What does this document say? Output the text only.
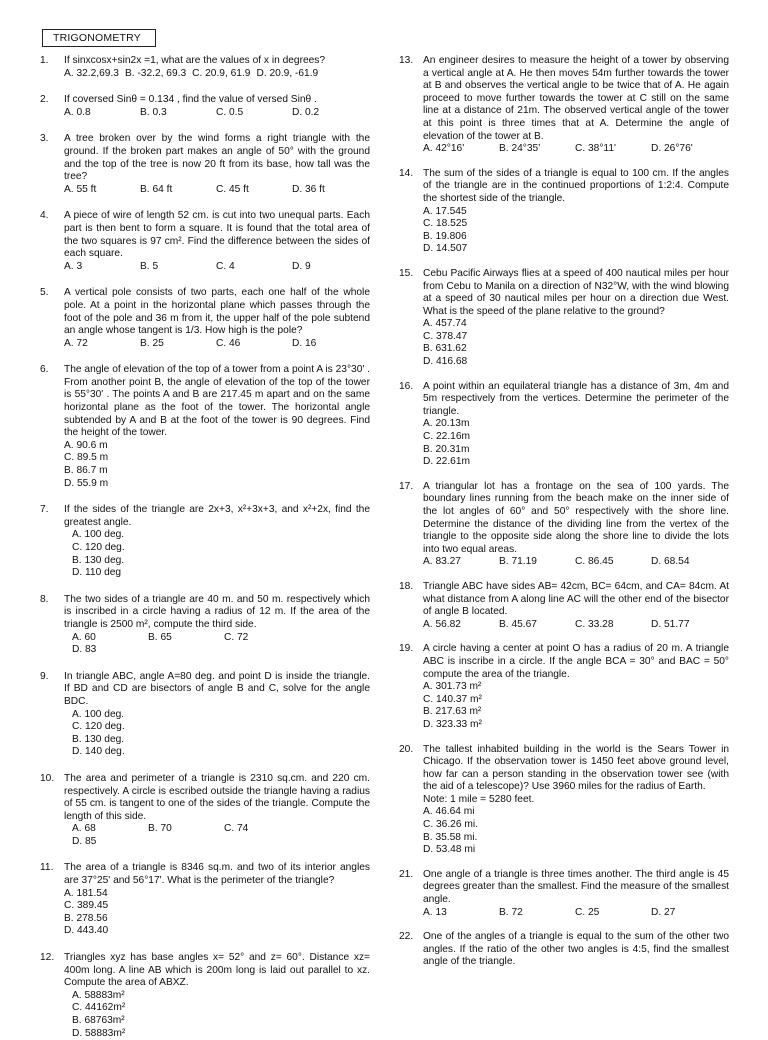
TRIGONOMETRY
1. If sinxcosx+sin2x =1, what are the values of x in degrees?
A. 32.2,69.3 B. -32.2, 69.3 C. 20.9, 61.9 D. 20.9, -61.9
2. If coversed Sinθ = 0.134 , find the value of versed Sinθ .
A. 0.8	B. 0.3	C. 0.5	D. 0.2
3. A tree broken over by the wind forms a right triangle with the ground. If the broken part makes an angle of 50° with the ground and the top of the tree is now 20 ft from its base, how tall was the tree?
A. 55 ft	B. 64 ft	C. 45 ft	D. 36 ft
4. A piece of wire of length 52 cm. is cut into two unequal parts. Each part is then bent to form a square. It is found that the total area of the two squares is 97 cm². Find the difference between the sides of each square.
A. 3	B. 5	C. 4	D. 9
5. A vertical pole consists of two parts, each one half of the whole pole. At a point in the horizontal plane which passes through the foot of the pole and 36 m from it, the upper half of the pole subtend an angle whose tangent is 1/3. How high is the pole?
A. 72	B. 25	C. 46	D. 16
6. The angle of elevation of the top of a tower from a point A is 23°30' . From another point B, the angle of elevation of the top of the tower is 55°30' . The points A and B are 217.45 m apart and on the same horizontal plane as the foot of the tower. The horizontal angle subtended by A and B at the foot of the tower is 90 degrees. Find the height of the tower.
A. 90.6 m
C. 89.5 m
B. 86.7 m
D. 55.9 m
7. If the sides of the triangle are 2x+3, x²+3x+3, and x²+2x, find the greatest angle.
A. 100 deg.
C. 120 deg.
B. 130 deg.
D. 110 deg
8. The two sides of a triangle are 40 m. and 50 m. respectively which is inscribed in a circle having a radius of 12 m. If the area of the triangle is 2500 m², compute the third side.
A. 60	B. 65	C. 72
D. 83
9. In triangle ABC, angle A=80 deg. and point D is inside the triangle. If BD and CD are bisectors of angle B and C, solve for the angle BDC.
A. 100 deg.
C. 120 deg.
B. 130 deg.
D. 140 deg.
10. The area and perimeter of a triangle is 2310 sq.cm. and 220 cm. respectively. A circle is escribed outside the triangle having a radius of 55 cm. is tangent to one of the sides of the triangle. Compute the length of this side.
A. 68	B. 70	C. 74
D. 85
11. The area of a triangle is 8346 sq.m. and two of its interior angles are 37°25' and 56°17'. What is the perimeter of the triangle?
A. 181.54
C. 389.45
B. 278.56
D. 443.40
12. Triangles xyz has base angles x= 52° and z= 60°. Distance xz= 400m long. A line AB which is 200m long is laid out parallel to xz. Compute the area of ABXZ.
A. 58883m²
C. 44162m²
B. 68763m²
D. 58883m²
13. An engineer desires to measure the height of a tower by observing a vertical angle at A. He then moves 54m further towards the tower at B and observes the vertical angle to be twice that of A. He again proceed to move further towards the tower at C still on the same line at a distance of 21m. The observed vertical angle of the tower at this point is three times that at A. Determine the angle of elevation of the tower at B.
A. 42°16'	B. 24°35'	C. 38°11'	D. 26°76'
14. The sum of the sides of a triangle is equal to 100 cm. If the angles of the triangle are in the continued proportions of 1:2:4. Compute the shortest side of the triangle.
A. 17.545
C. 18.525
B. 19.806
D. 14.507
15. Cebu Pacific Airways flies at a speed of 400 nautical miles per hour from Cebu to Manila on a direction of N32°W, with the wind blowing at a speed of 30 nautical miles per hour on a direction due West. What is the speed of the plane relative to the ground?
A. 457.74
C. 378.47
B. 631.62
D. 416.68
16. A point within an equilateral triangle has a distance of 3m, 4m and 5m respectively from the vertices. Determine the perimeter of the triangle.
A. 20.13m
C. 22.16m
B. 20.31m
D. 22.61m
17. A triangular lot has a frontage on the sea of 100 yards. The boundary lines running from the beach make on the inner side of the lot angles of 60° and 50° respectively with the shore line. Determine the distance of the dividing line from the vertex of the triangle to the opposite side along the shore line to divide the lots into two equal areas.
A. 83.27	B. 71.19	C. 86.45	D. 68.54
18. Triangle ABC have sides AB= 42cm, BC= 64cm, and CA= 84cm. At what distance from A along line AC will the other end of the bisector of angle B located.
A. 56.82	B. 45.67	C. 33.28	D. 51.77
19. A circle having a center at point O has a radius of 20 m. A triangle ABC is inscribe in a circle. If the angle BCA = 30° and BAC = 50° compute the area of the triangle.
A. 301.73 m²
C. 140.37 m²
B. 217.63 m²
D. 323.33 m²
20. The tallest inhabited building in the world is the Sears Tower in Chicago. If the observation tower is 1450 feet above ground level, how far can a person standing in the observation tower see (with the aid of a telescope)? Use 3960 miles for the radius of Earth.
Note: 1 mile = 5280 feet.
A. 46.64 mi
C. 36.26 mi.
B. 35.58 mi.
D. 53.48 mi
21. One angle of a triangle is three times another. The third angle is 45 degrees greater than the smallest. Find the measure of the smallest angle.
A. 13	B. 72	C. 25	D. 27
22. One of the angles of a triangle is equal to the sum of the other two angles. If the ratio of the other two angles is 4:5, find the smallest angle of the triangle.
